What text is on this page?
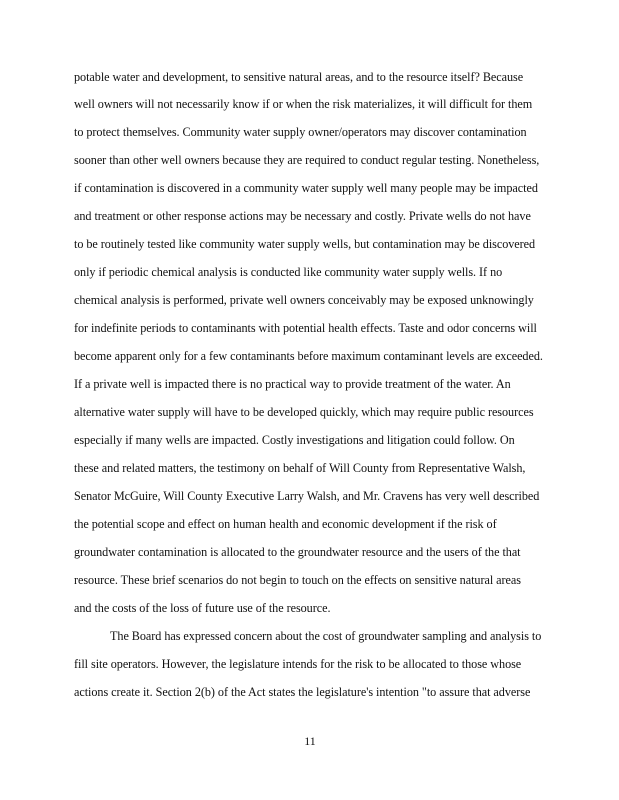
potable water and development, to sensitive natural areas, and to the resource itself? Because
well owners will not necessarily know if or when the risk materializes, it will difficult for them
to protect themselves. Community water supply owner/operators may discover contamination
sooner than other well owners because they are required to conduct regular testing. Nonetheless,
if contamination is discovered in a community water supply well many people may be impacted
and treatment or other response actions may be necessary and costly. Private wells do not have
to be routinely tested like community water supply wells, but contamination may be discovered
only if periodic chemical analysis is conducted like community water supply wells. If no
chemical analysis is performed, private well owners conceivably may be exposed unknowingly
for indefinite periods to contaminants with potential health effects. Taste and odor concerns will
become apparent only for a few contaminants before maximum contaminant levels are exceeded.
If a private well is impacted there is no practical way to provide treatment of the water. An
alternative water supply will have to be developed quickly, which may require public resources
especially if many wells are impacted. Costly investigations and litigation could follow. On
these and related matters, the testimony on behalf of Will County from Representative Walsh,
Senator McGuire, Will County Executive Larry Walsh, and Mr. Cravens has very well described
the potential scope and effect on human health and economic development if the risk of
groundwater contamination is allocated to the groundwater resource and the users of the that
resource. These brief scenarios do not begin to touch on the effects on sensitive natural areas
and the costs of the loss of future use of the resource.
The Board has expressed concern about the cost of groundwater sampling and analysis to
fill site operators. However, the legislature intends for the risk to be allocated to those whose
actions create it. Section 2(b) of the Act states the legislature's intention "to assure that adverse
11
